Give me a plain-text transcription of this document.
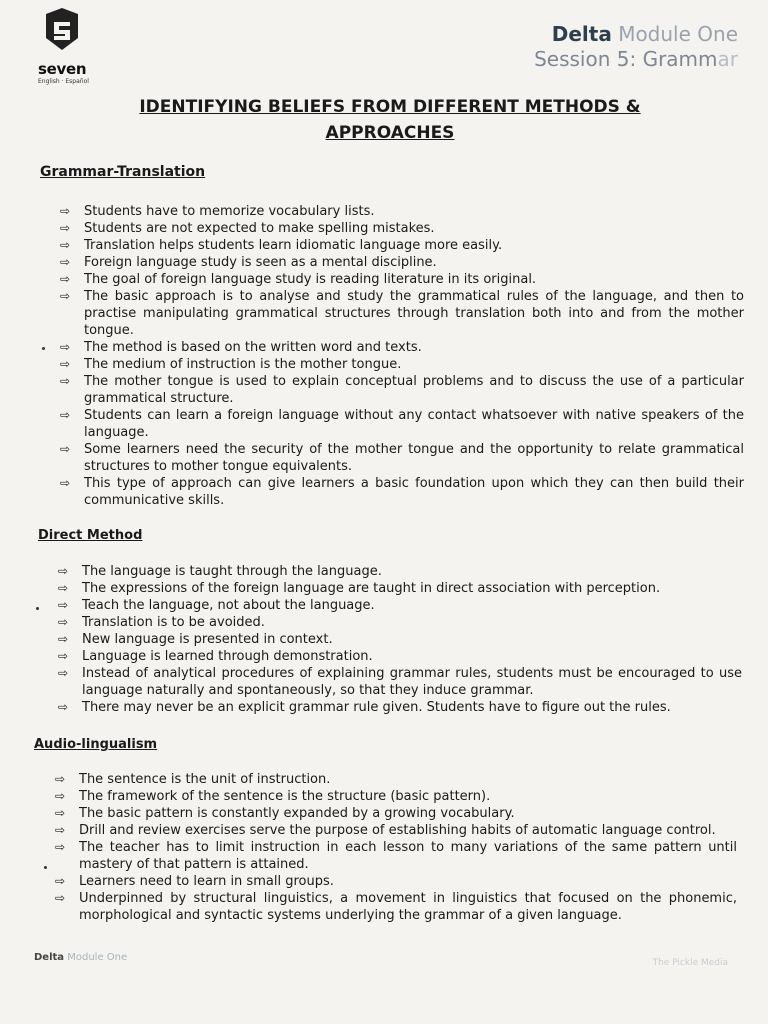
seven
English · Español
Delta Module One
Session 5: Grammar
IDENTIFYING BELIEFS FROM DIFFERENT METHODS &
APPROACHES
Grammar-Translation
⇨ Students have to memorize vocabulary lists.
⇨ Students are not expected to make spelling mistakes.
⇨ Translation helps students learn idiomatic language more easily.
⇨ Foreign language study is seen as a mental discipline.
⇨ The goal of foreign language study is reading literature in its original.
⇨ The basic approach is to analyse and study the grammatical rules of the language, and then to practise manipulating grammatical structures through translation both into and from the mother tongue.
⇨ The method is based on the written word and texts.
⇨ The medium of instruction is the mother tongue.
⇨ The mother tongue is used to explain conceptual problems and to discuss the use of a particular grammatical structure.
⇨ Students can learn a foreign language without any contact whatsoever with native speakers of the language.
⇨ Some learners need the security of the mother tongue and the opportunity to relate grammatical structures to mother tongue equivalents.
⇨ This type of approach can give learners a basic foundation upon which they can then build their communicative skills.
Direct Method
⇨ The language is taught through the language.
⇨ The expressions of the foreign language are taught in direct association with perception.
⇨ Teach the language, not about the language.
⇨ Translation is to be avoided.
⇨ New language is presented in context.
⇨ Language is learned through demonstration.
⇨ Instead of analytical procedures of explaining grammar rules, students must be encouraged to use language naturally and spontaneously, so that they induce grammar.
⇨ There may never be an explicit grammar rule given. Students have to figure out the rules.
Audio-lingualism
⇨ The sentence is the unit of instruction.
⇨ The framework of the sentence is the structure (basic pattern).
⇨ The basic pattern is constantly expanded by a growing vocabulary.
⇨ Drill and review exercises serve the purpose of establishing habits of automatic language control.
⇨ The teacher has to limit instruction in each lesson to many variations of the same pattern until mastery of that pattern is attained.
⇨ Learners need to learn in small groups.
⇨ Underpinned by structural linguistics, a movement in linguistics that focused on the phonemic, morphological and syntactic systems underlying the grammar of a given language.
Delta Module One	The Pickle Media
